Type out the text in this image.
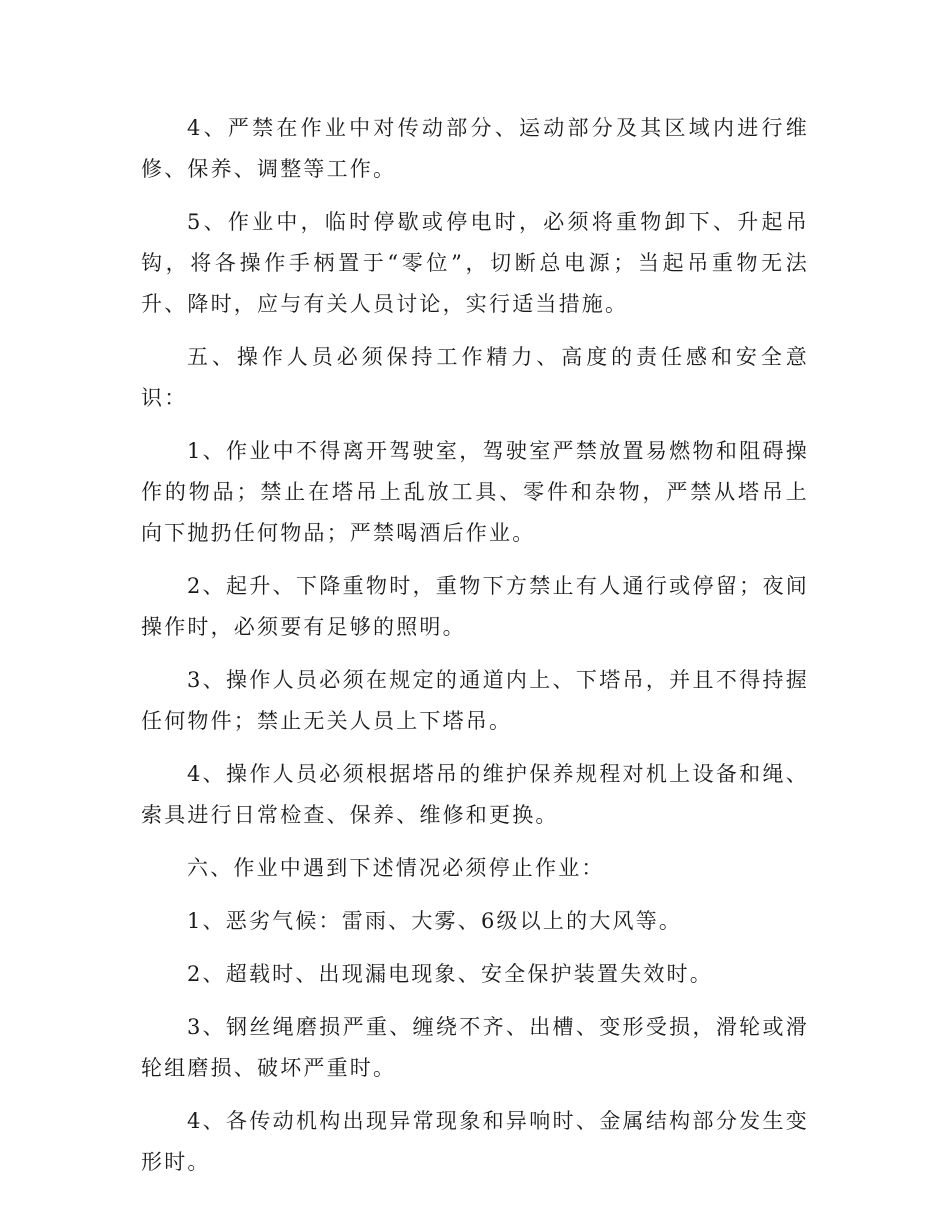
4、严禁在作业中对传动部分、运动部分及其区域内进行维修、保养、调整等工作。

5、作业中，临时停歇或停电时，必须将重物卸下、升起吊钩，将各操作手柄置于“零位”，切断总电源；当起吊重物无法升、降时，应与有关人员讨论，实行适当措施。

五、操作人员必须保持工作精力、高度的责任感和安全意识：

1、作业中不得离开驾驶室，驾驶室严禁放置易燃物和阻碍操作的物品；禁止在塔吊上乱放工具、零件和杂物，严禁从塔吊上向下抛扔任何物品；严禁喝酒后作业。

2、起升、下降重物时，重物下方禁止有人通行或停留；夜间操作时，必须要有足够的照明。

3、操作人员必须在规定的通道内上、下塔吊，并且不得持握任何物件；禁止无关人员上下塔吊。

4、操作人员必须根据塔吊的维护保养规程对机上设备和绳、索具进行日常检查、保养、维修和更换。

六、作业中遇到下述情况必须停止作业：

1、恶劣气候：雷雨、大雾、6级以上的大风等。

2、超载时、出现漏电现象、安全保护装置失效时。

3、钢丝绳磨损严重、缠绕不齐、出槽、变形受损，滑轮或滑轮组磨损、破坏严重时。

4、各传动机构出现异常现象和异响时、金属结构部分发生变形时。
